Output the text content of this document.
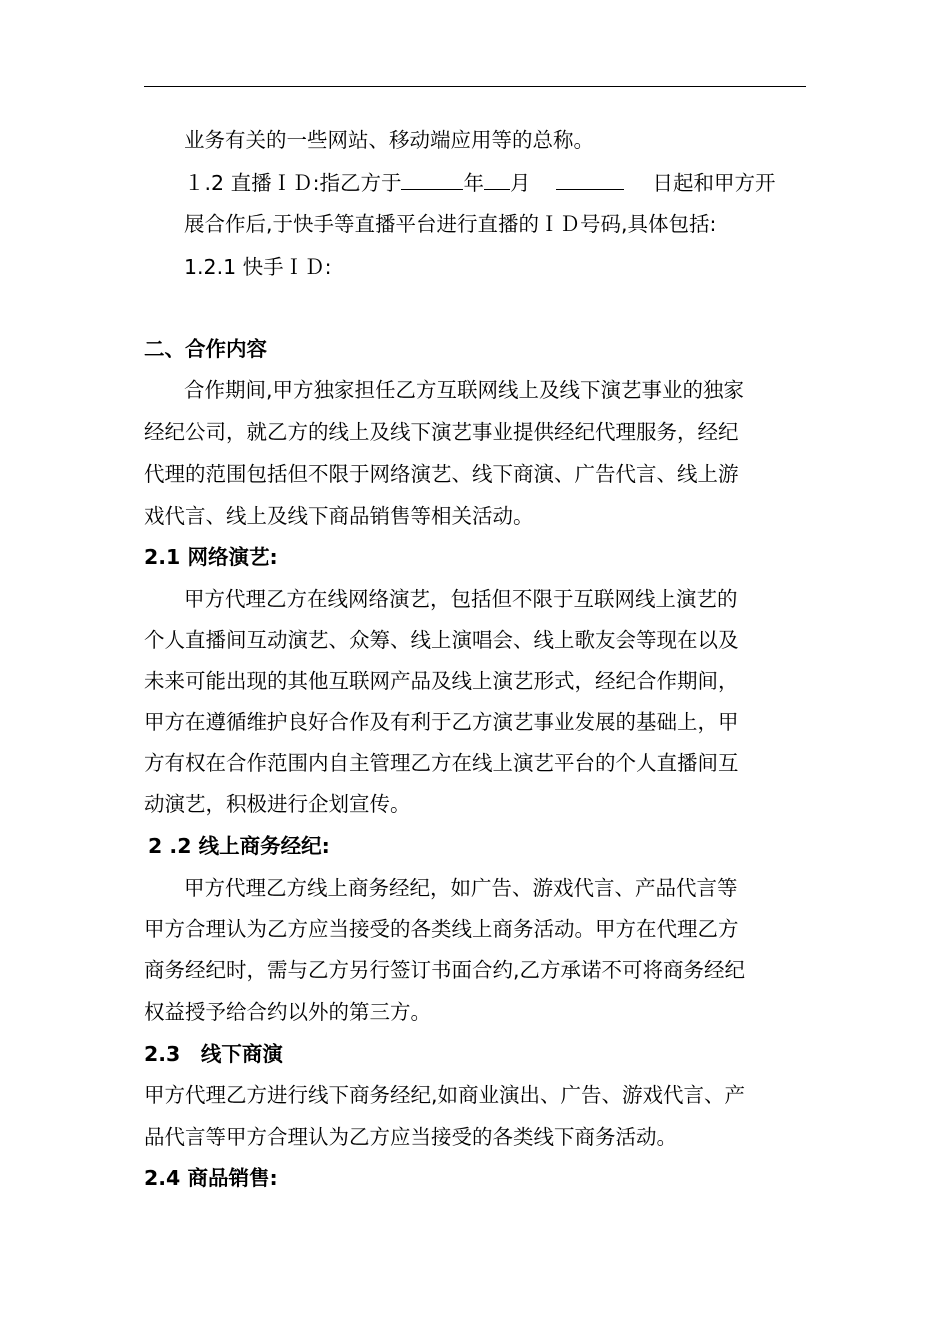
业务有关的一些网站、移动端应用等的总称。
１.2 直播ＩＤ:指乙方于	年 月	日起和甲方开
展合作后,于快手等直播平台进行直播的ＩＤ号码,具体包括:
1.2.1 快手ＩＤ:
二、合作内容
合作期间,甲方独家担任乙方互联网线上及线下演艺事业的独家
经纪公司，就乙方的线上及线下演艺事业提供经纪代理服务，经纪
代理的范围包括但不限于网络演艺、线下商演、广告代言、线上游
戏代言、线上及线下商品销售等相关活动。
2.1 网络演艺:
甲方代理乙方在线网络演艺，包括但不限于互联网线上演艺的
个人直播间互动演艺、众筹、线上演唱会、线上歌友会等现在以及
未来可能出现的其他互联网产品及线上演艺形式，经纪合作期间，
甲方在遵循维护良好合作及有利于乙方演艺事业发展的基础上，甲
方有权在合作范围内自主管理乙方在线上演艺平台的个人直播间互
动演艺，积极进行企划宣传。
2 .2 线上商务经纪:
甲方代理乙方线上商务经纪，如广告、游戏代言、产品代言等
甲方合理认为乙方应当接受的各类线上商务活动。甲方在代理乙方
商务经纪时，需与乙方另行签订书面合约,乙方承诺不可将商务经纪
权益授予给合约以外的第三方。
2.3　线下商演
甲方代理乙方进行线下商务经纪,如商业演出、广告、游戏代言、产
品代言等甲方合理认为乙方应当接受的各类线下商务活动。
2.4 商品销售:
